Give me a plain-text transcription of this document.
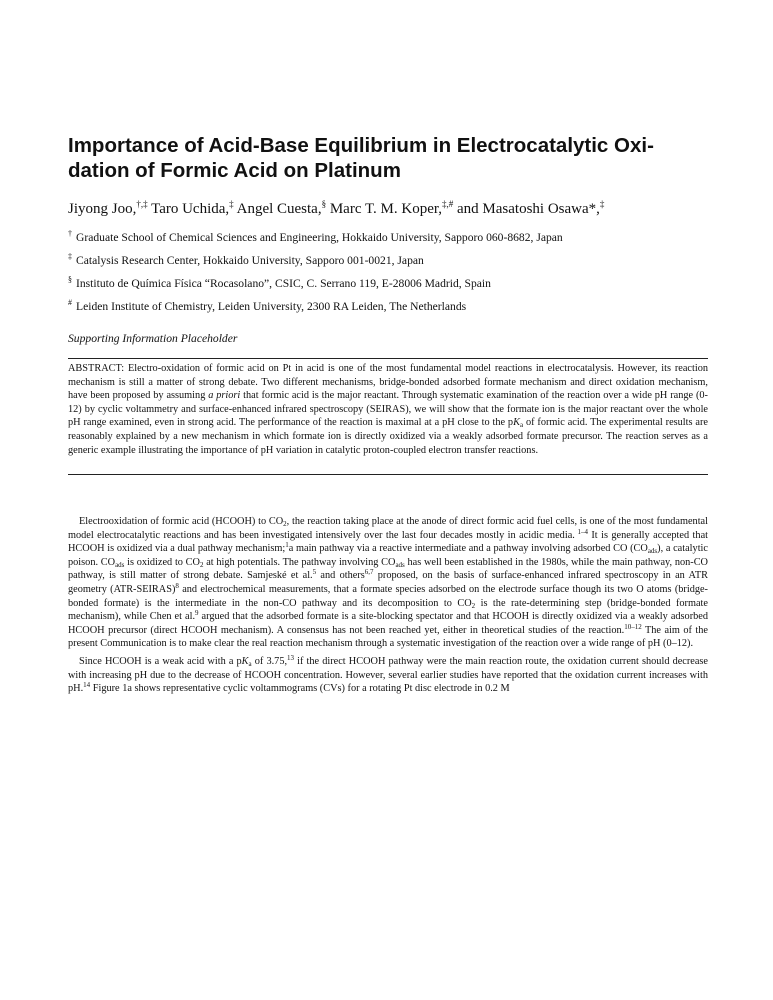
Importance of Acid-Base Equilibrium in Electrocatalytic Oxi-dation of Formic Acid on Platinum

Jiyong Joo,†,‡ Taro Uchida,‡ Angel Cuesta,§ Marc T. M. Koper,‡,# and Masatoshi Osawa*,‡

† Graduate School of Chemical Sciences and Engineering, Hokkaido University, Sapporo 060-8682, Japan
‡ Catalysis Research Center, Hokkaido University, Sapporo 001-0021, Japan
§ Instituto de Química Física “Rocasolano”, CSIC, C. Serrano 119, E-28006 Madrid, Spain
# Leiden Institute of Chemistry, Leiden University, 2300 RA Leiden, The Netherlands
Supporting Information Placeholder

ABSTRACT: Electro-oxidation of formic acid on Pt in acid is one of the most fundamental model reactions in electrocatalysis. However, its reaction mechanism is still a matter of strong debate. Two different mechanisms, bridge-bonded adsorbed formate mechanism and direct oxidation mechanism, have been proposed by assuming a priori that formic acid is the major reactant. Through systematic examination of the reaction over a wide pH range (0-12) by cyclic voltammetry and surface-enhanced infrared spectroscopy (SEIRAS), we will show that the formate ion is the major reactant over the whole pH range examined, even in strong acid. The performance of the reaction is maximal at a pH close to the $pK_a$ of formic acid. The experimental results are reasonably explained by a new mechanism in which formate ion is directly oxidized via a weakly adsorbed formate precursor. The reaction serves as a generic example illustrating the importance of pH variation in catalytic proton-coupled electron transfer reactions.

Electrooxidation of formic acid (HCOOH) to $CO_2$, the reaction taking place at the anode of direct formic acid fuel cells, is one of the most fundamental model electrocatalytic reactions and has been investigated intensively over the last four decades mostly in acidic media. $^{1-4}$ It is generally accepted that HCOOH is oxidized via a dual pathway mechanism;$^1$a main pathway via a reactive intermediate and a pathway involving adsorbed CO $(CO_{ads})$, a catalytic poison. $CO_{ads}$ is oxidized to $CO_2$ at high potentials. The pathway involving $CO_{ads}$ has well been established in the 1980s, while the main pathway, non-CO pathway, is still matter of strong debate. Samjeské et al.$^5$ and others$^{6,7}$ proposed, on the basis of surface-enhanced infrared spectroscopy in an ATR geometry (ATR-SEIRAS)$^8$ and electrochemical measurements, that a formate species adsorbed on the electrode surface though its two O atoms (bridge-bonded formate) is the intermediate in the non-CO pathway and its decomposition to $CO_2$ is the rate-determining step (bridge-bonded formate mechanism), while Chen et al.$^9$ argued that the adsorbed formate is a site-blocking spectator and that HCOOH is directly oxidized via a weakly adsorbed HCOOH precursor (direct HCOOH mechanism). A consensus has not been reached yet, either in theoretical studies of the reaction.$^{10-12}$ The aim of the present Communication is to make clear the real reaction mechanism through a systematic investigation of the reaction over a wide range of pH (0–12).

Since HCOOH is a weak acid with a $pK_a$ of 3.75,13 if the direct HCOOH pathway were the main reaction route, the oxidation current should decrease with increasing pH due to the decrease of HCOOH concentration. However, several earlier studies have reported that the oxidation current increases with pH.$^{14}$ Figure 1a shows representative cyclic voltammograms (CVs) for a rotating Pt disc electrode in 0.2 M
